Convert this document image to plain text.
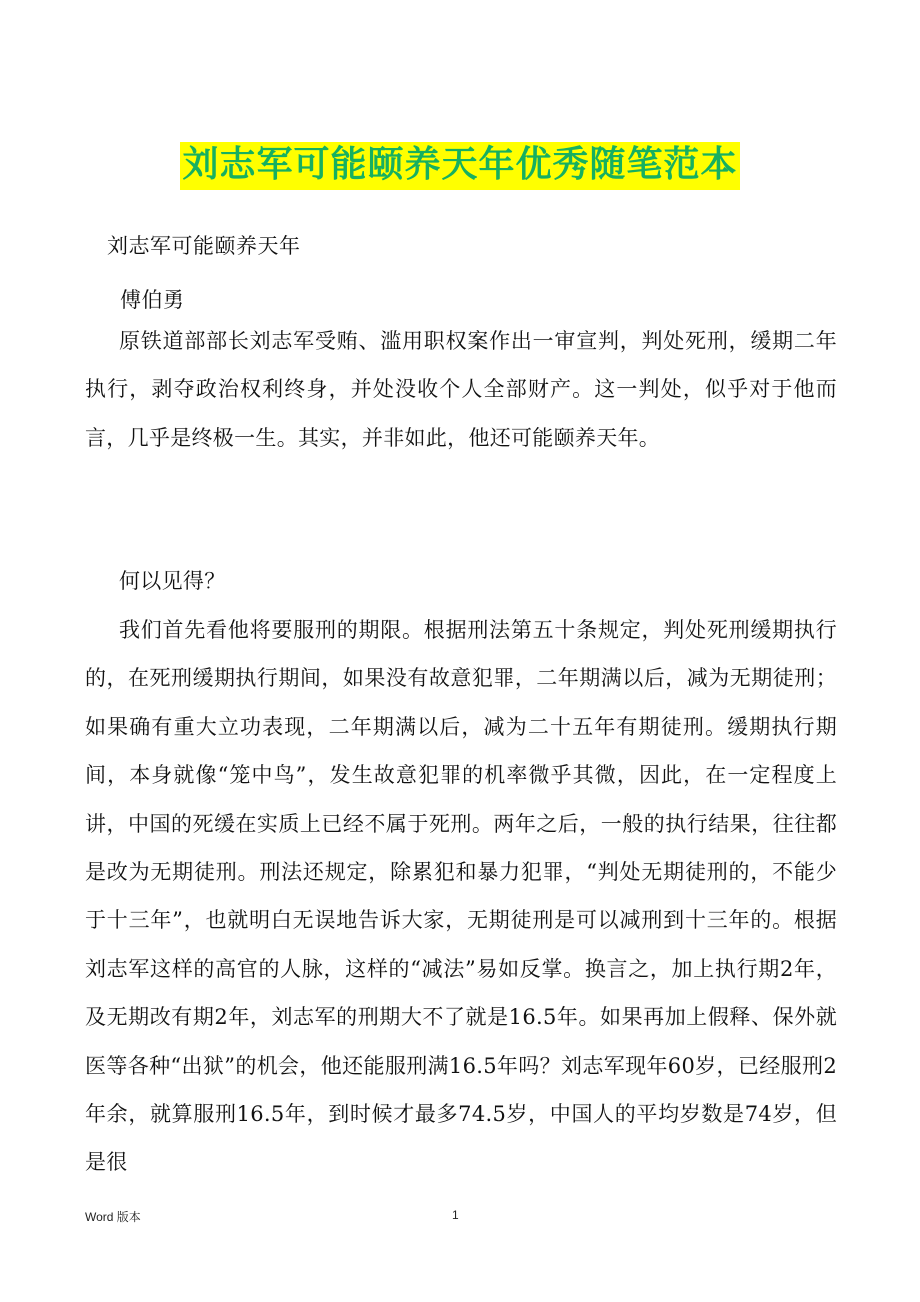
刘志军可能颐养天年优秀随笔范本

刘志军可能颐养天年

傅伯勇

原铁道部部长刘志军受贿、滥用职权案作出一审宣判，判处死刑，缓期二年执行，剥夺政治权利终身，并处没收个人全部财产。这一判处，似乎对于他而言，几乎是终极一生。其实，并非如此，他还可能颐养天年。

何以见得？

我们首先看他将要服刑的期限。根据刑法第五十条规定，判处死刑缓期执行的，在死刑缓期执行期间，如果没有故意犯罪，二年期满以后，减为无期徒刑；如果确有重大立功表现，二年期满以后，减为二十五年有期徒刑。缓期执行期间，本身就像“笼中鸟”，发生故意犯罪的机率微乎其微，因此，在一定程度上讲，中国的死缓在实质上已经不属于死刑。两年之后，一般的执行结果，往往都是改为无期徒刑。刑法还规定，除累犯和暴力犯罪，“判处无期徒刑的，不能少于十三年”，也就明白无误地告诉大家，无期徒刑是可以减刑到十三年的。根据刘志军这样的高官的人脉，这样的“减法”易如反掌。换言之，加上执行期2年，及无期改有期2年，刘志军的刑期大不了就是16.5年。如果再加上假释、保外就医等各种“出狱”的机会，他还能服刑满16.5年吗？刘志军现年60岁，已经服刑2年余，就算服刑16.5年，到时候才最多74.5岁，中国人的平均岁数是74岁，但是很

Word 版本	1
